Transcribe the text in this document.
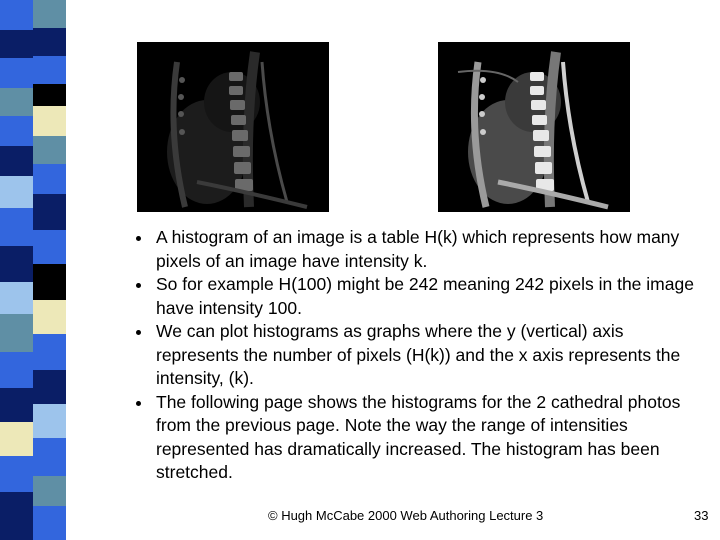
A histogram of an image is a table H(k) which represents how many pixels of an image have intensity k.
So for example H(100) might be 242 meaning 242 pixels in the image have intensity 100.
We can plot histograms as graphs where the y (vertical) axis represents the number of pixels (H(k)) and the x axis represents the intensity, (k).
The following page shows the histograms for the 2 cathedral photos from the previous page. Note the way the range of intensities represented has dramatically increased. The histogram has been stretched.
© Hugh McCabe 2000 Web Authoring Lecture 3	33
